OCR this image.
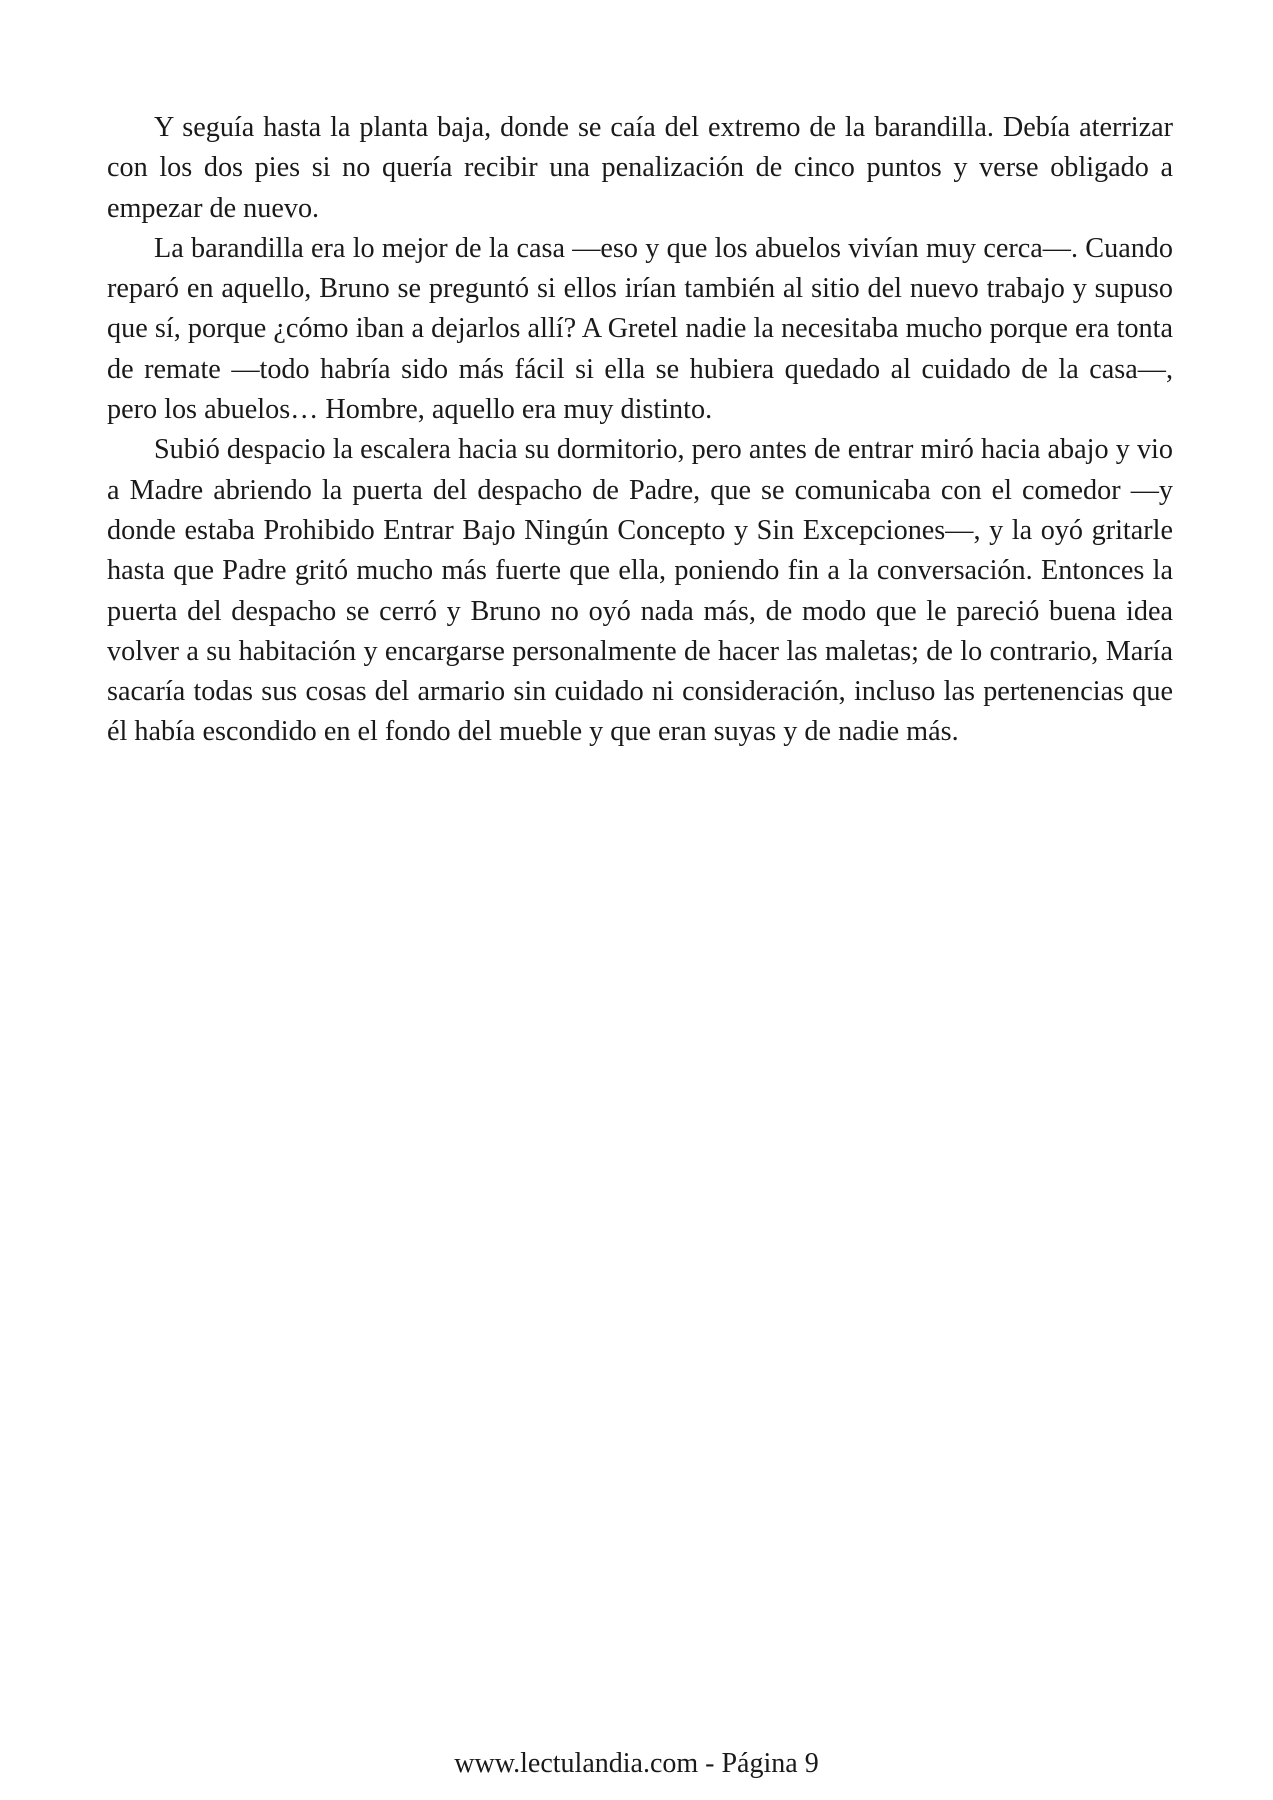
Y seguía hasta la planta baja, donde se caía del extremo de la barandilla. Debía aterrizar con los dos pies si no quería recibir una penalización de cinco puntos y verse obligado a empezar de nuevo.

La barandilla era lo mejor de la casa —eso y que los abuelos vivían muy cerca—. Cuando reparó en aquello, Bruno se preguntó si ellos irían también al sitio del nuevo trabajo y supuso que sí, porque ¿cómo iban a dejarlos allí? A Gretel nadie la necesitaba mucho porque era tonta de remate —todo habría sido más fácil si ella se hubiera quedado al cuidado de la casa—, pero los abuelos… Hombre, aquello era muy distinto.

Subió despacio la escalera hacia su dormitorio, pero antes de entrar miró hacia abajo y vio a Madre abriendo la puerta del despacho de Padre, que se comunicaba con el comedor —y donde estaba Prohibido Entrar Bajo Ningún Concepto y Sin Excepciones—, y la oyó gritarle hasta que Padre gritó mucho más fuerte que ella, poniendo fin a la conversación. Entonces la puerta del despacho se cerró y Bruno no oyó nada más, de modo que le pareció buena idea volver a su habitación y encargarse personalmente de hacer las maletas; de lo contrario, María sacaría todas sus cosas del armario sin cuidado ni consideración, incluso las pertenencias que él había escondido en el fondo del mueble y que eran suyas y de nadie más.

www.lectulandia.com - Página 9
